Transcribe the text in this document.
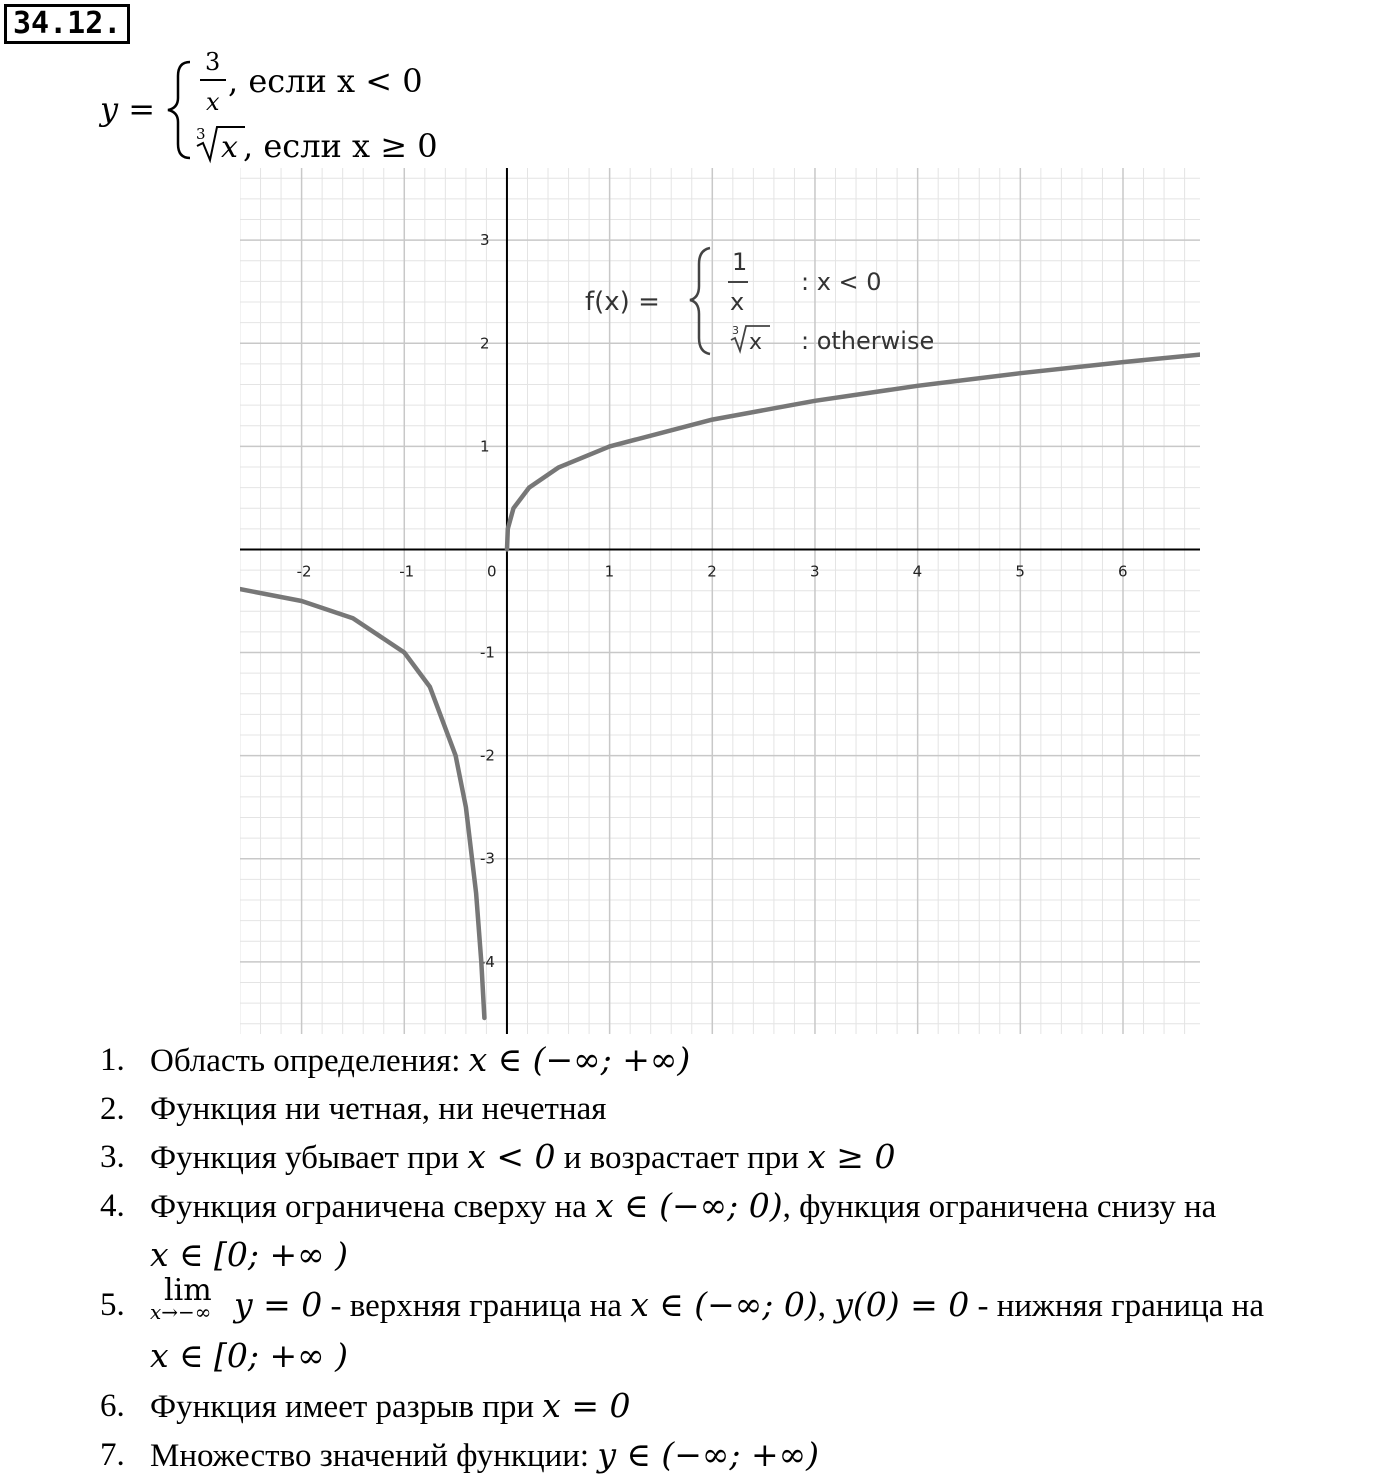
34.12.
y =
3
x
, если x < 0
3 x , если x ≥ 0
-2	-1	0	1	2	3	4	5	6
3
2
1
-1
-2
-3
-4
f(x) =
1
x
: x < 0
3 x : otherwise
1. Область определения: x ∈ (−∞; +∞)
2. Функция ни четная, ни нечетная
3. Функция убывает при x < 0 и возрастает при x ≥ 0
4. Функция ограничена сверху на x ∈ (−∞; 0), функция ограничена снизу на
x ∈ [0; +∞ )
5. lim
x→−∞ y = 0 - верхняя граница на x ∈ (−∞; 0), y(0) = 0 - нижняя граница на
x ∈ [0; +∞ )
6. Функция имеет разрыв при x = 0
7. Множество значений функции: y ∈ (−∞; +∞)
